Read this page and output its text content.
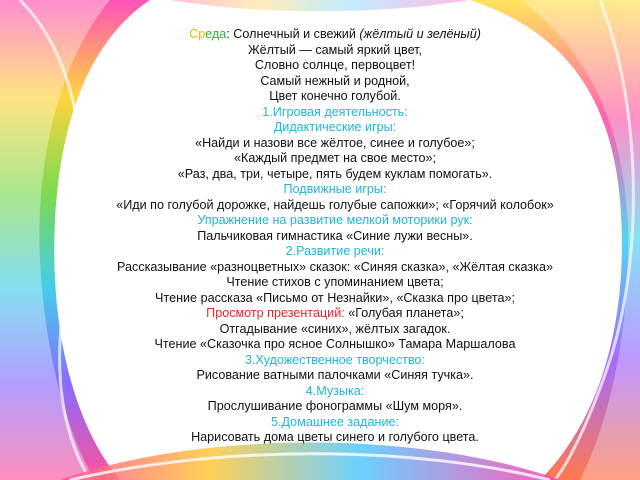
Среда: Солнечный и свежий (жёлтый и зелёный)
Жёлтый — самый яркий цвет,
Словно солнце, первоцвет!
Самый нежный и родной,
Цвет конечно голубой.
1.Игровая деятельность:
Дидактические игры:
«Найди и назови все жёлтое, синее и голубое»;
«Каждый предмет на свое место»;
«Раз, два, три, четыре, пять будем куклам помогать».
Подвижные игры:
«Иди по голубой дорожке, найдешь голубые сапожки»; «Горячий колобок»
Упражнение на развитие мелкой моторики рук:
Пальчиковая гимнастика «Синие лужи весны».
2.Развитие речи:
Рассказывание «разноцветных» сказок: «Синяя сказка», «Жёлтая сказка»
Чтение стихов с упоминанием цвета;
Чтение рассказа «Письмо от Незнайки», «Сказка про цвета»;
Просмотр презентаций: «Голубая планета»;
Отгадывание «синих», жёлтых загадок.
Чтение «Сказочка про ясное Солнышко» Тамара Маршалова
3.Художественное творчество:
Рисование ватными палочками «Синяя тучка».
4.Музыка:
Прослушивание фонограммы «Шум моря».
5.Домашнее задание:
Нарисовать дома цветы синего и голубого цвета.
